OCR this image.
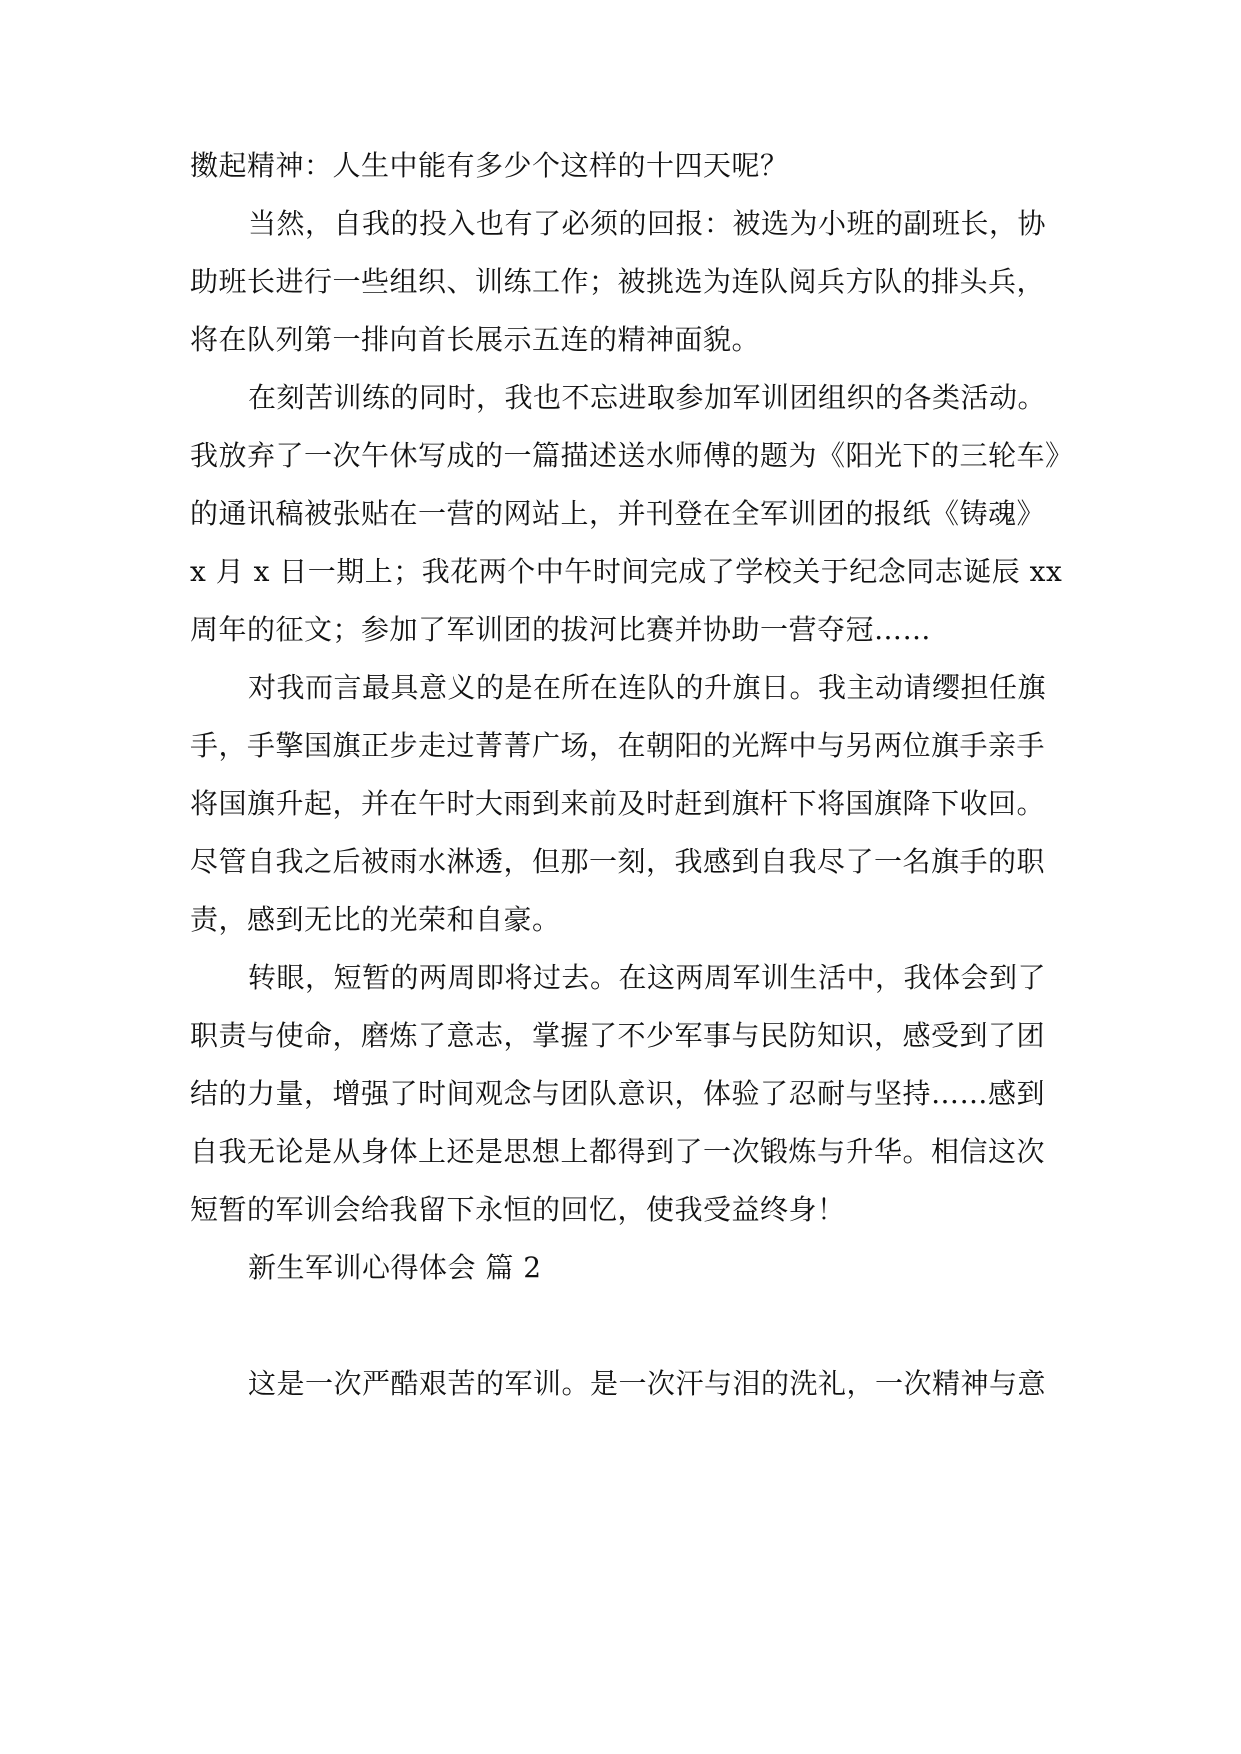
擞起精神：人生中能有多少个这样的十四天呢？
当然，自我的投入也有了必须的回报：被选为小班的副班长，协
助班长进行一些组织、训练工作；被挑选为连队阅兵方队的排头兵，
将在队列第一排向首长展示五连的精神面貌。
在刻苦训练的同时，我也不忘进取参加军训团组织的各类活动。
我放弃了一次午休写成的一篇描述送水师傅的题为《阳光下的三轮车》
的通讯稿被张贴在一营的网站上，并刊登在全军训团的报纸《铸魂》
x 月 x 日一期上；我花两个中午时间完成了学校关于纪念同志诞辰 xx
周年的征文；参加了军训团的拔河比赛并协助一营夺冠……
对我而言最具意义的是在所在连队的升旗日。我主动请缨担任旗
手，手擎国旗正步走过菁菁广场，在朝阳的光辉中与另两位旗手亲手
将国旗升起，并在午时大雨到来前及时赶到旗杆下将国旗降下收回。
尽管自我之后被雨水淋透，但那一刻，我感到自我尽了一名旗手的职
责，感到无比的光荣和自豪。
转眼，短暂的两周即将过去。在这两周军训生活中，我体会到了
职责与使命，磨炼了意志，掌握了不少军事与民防知识，感受到了团
结的力量，增强了时间观念与团队意识，体验了忍耐与坚持……感到
自我无论是从身体上还是思想上都得到了一次锻炼与升华。相信这次
短暂的军训会给我留下永恒的回忆，使我受益终身！
新生军训心得体会 篇 2
这是一次严酷艰苦的军训。是一次汗与泪的洗礼，一次精神与意
